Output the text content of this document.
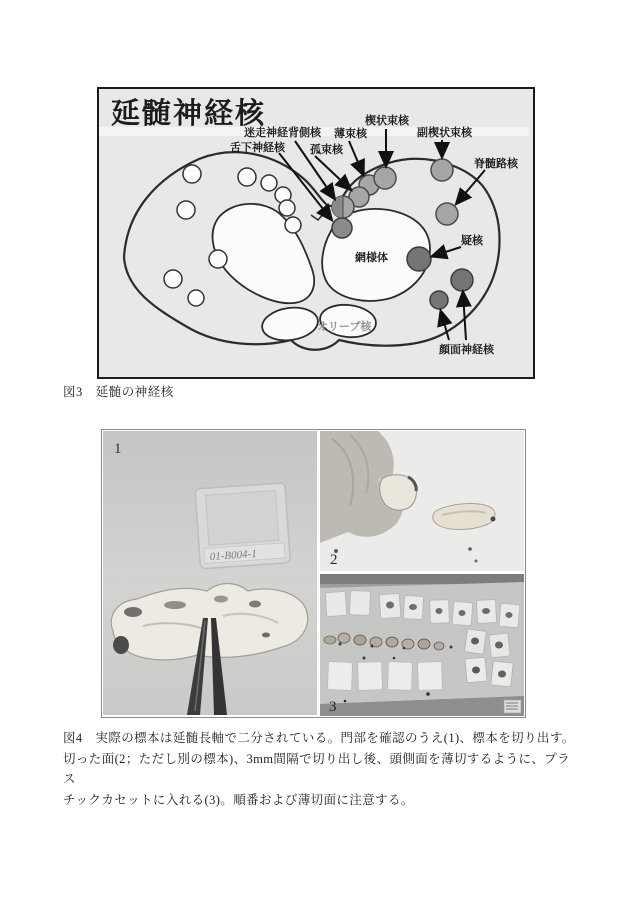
延髄神経核
迷走神経背側核
舌下神経核 孤束核
薄束核
楔状束核
副楔状束核
脊髄路核
疑核
顔面神経核
網様体
オリーブ核
図3　延髄の神経核
01-B004-1
1
2
3
図4　実際の標本は延髄長軸で二分されている。門部を確認のうえ(1)、標本を切り出す。
切った面(2；ただし別の標本)、3mm間隔で切り出し後、頭側面を薄切するように、プラス
チックカセットに入れる(3)。順番および薄切面に注意する。
